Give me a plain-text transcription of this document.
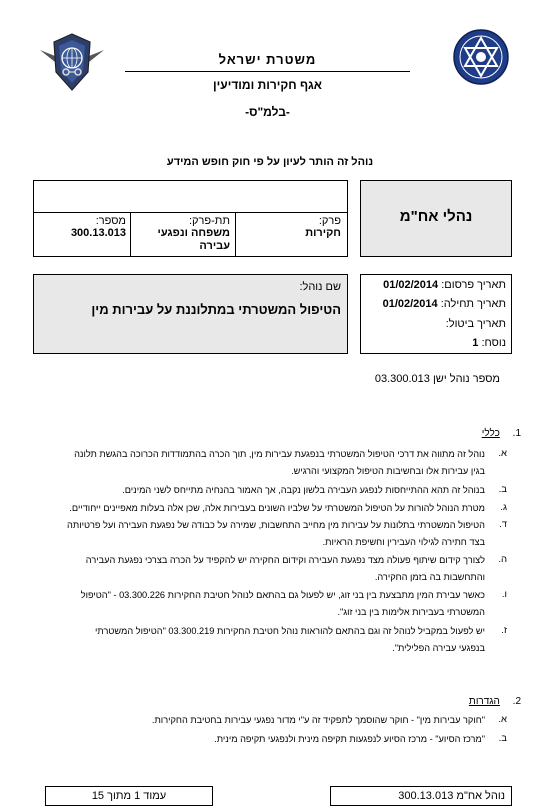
משטרת ישראל
אגף חקירות ומודיעין
-בלמ"ס-
נוהל זה הותר לעיון על פי חוק חופש המידע
נהלי אח"מ
פרק:
חקירות
תת-פרק:
משפחה ונפגעי עבירה
מספר:
300.13.013
תאריך פרסום: 01/02/2014
תאריך תחילה: 01/02/2014
תאריך ביטול:
נוסח: 1
שם נוהל:
הטיפול המשטרתי במתלוננת על עבירות מין
מספר נוהל ישן 03.300.013
1. כללי
א.
נוהל זה מתווה את דרכי הטיפול המשטרתי בנפגעת עבירות מין, תוך הכרה בהתמודדות הכרוכה בהגשת תלונה
בגין עבירות אלו ובחשיבות הטיפול המקצועי והרגיש.
ב.
בנוהל זה תהא ההתייחסות לנפגע העבירה בלשון נקבה, אך האמור בהנחיה מתייחס לשני המינים.
ג.
מטרת הנוהל להורות על הטיפול המשטרתי על שלביו השונים בעבירות אלה, שכן אלה בעלות מאפיינים ייחודיים.
ד.
הטיפול המשטרתי בתלונות על עבירות מין מחייב התחשבות, שמירה על כבודה של נפגעת העבירה ועל פרטיותה
בצד חתירה לגילוי העבירין וחשיפת הראיות.
ה.
לצורך קידום שיתוף פעולה מצד נפגעת העבירה וקידום החקירה יש להקפיד על הכרה בצרכי נפגעת העבירה
והתחשבות בה בזמן החקירה.
ו.
כאשר עבירת המין מתבצעת בין בני זוג, יש לפעול גם בהתאם לנוהל חטיבת החקירות 03.300.226 - "הטיפול
המשטרתי בעבירות אלימות בין בני זוג".
ז.
יש לפעול במקביל לנוהל זה וגם בהתאם להוראות נוהל חטיבת החקירות 03.300.219 "הטיפול המשטרתי
בנפגעי עבירה הפלילית".
2. הגדרות
א.
"חוקר עבירות מין" - חוקר שהוסמך לתפקיד זה ע"י מדור נפגעי עבירות בחטיבת החקירות.
ב.
"מרכז הסיוע" - מרכז הסיוע לנפגעות תקיפה מינית ולנפגעי תקיפה מינית.
נוהל אח"מ 300.13.013
עמוד 1 מתוך 15
